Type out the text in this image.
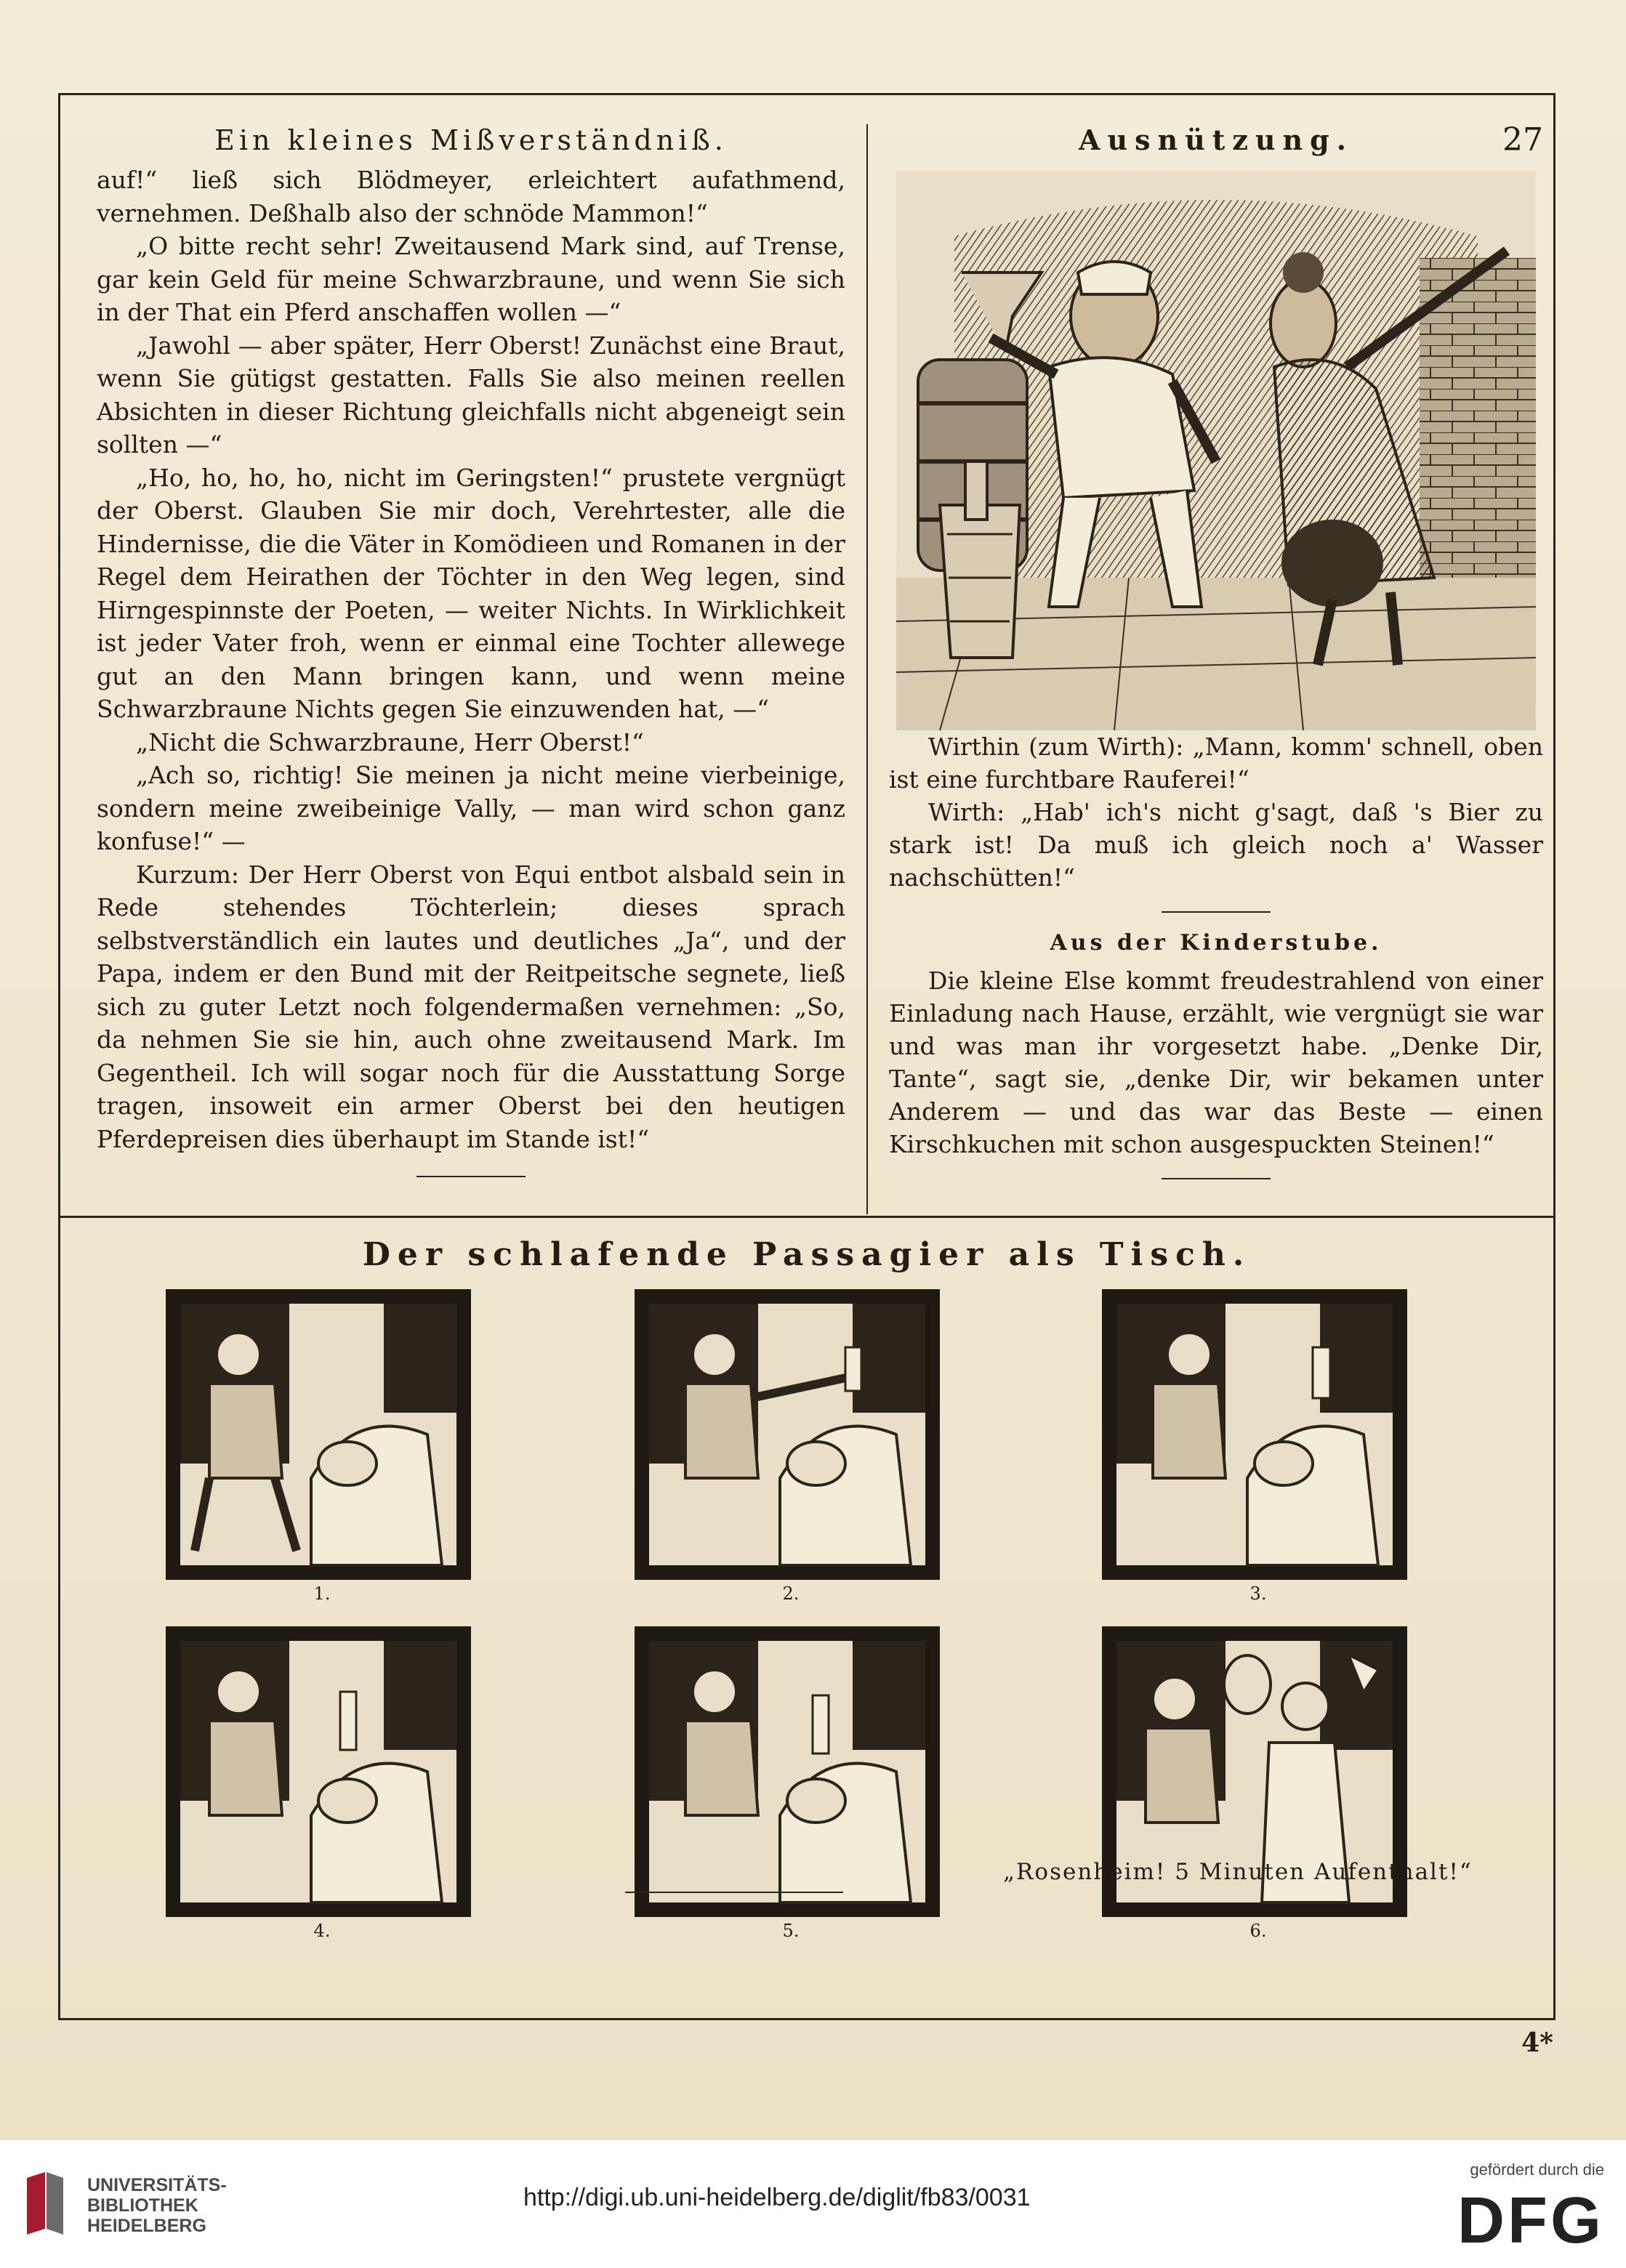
Ein kleines Mißverständniß.

auf!“ ließ sich Blödmeyer, erleichtert aufathmend, vernehmen. Deßhalb also der schnöde Mammon!“

„O bitte recht sehr! Zweitausend Mark sind, auf Trense, gar kein Geld für meine Schwarzbraune, und wenn Sie sich in der That ein Pferd anschaffen wollen —“

„Jawohl — aber später, Herr Oberst! Zunächst eine Braut, wenn Sie gütigst gestatten. Falls Sie also meinen reellen Absichten in dieser Richtung gleichfalls nicht abgeneigt sein sollten —“

„Ho, ho, ho, ho, nicht im Geringsten!“ prustete vergnügt der Oberst. Glauben Sie mir doch, Verehrtester, alle die Hindernisse, die die Väter in Komödieen und Romanen in der Regel dem Heirathen der Töchter in den Weg legen, sind Hirngespinnste der Poeten, — weiter Nichts. In Wirklichkeit ist jeder Vater froh, wenn er einmal eine Tochter allewege gut an den Mann bringen kann, und wenn meine Schwarzbraune Nichts gegen Sie einzuwenden hat, —“

„Nicht die Schwarzbraune, Herr Oberst!“

„Ach so, richtig! Sie meinen ja nicht meine vierbeinige, sondern meine zweibeinige Vally, — man wird schon ganz konfuse!“ —

Kurzum: Der Herr Oberst von Equi entbot alsbald sein in Rede stehendes Töchterlein; dieses sprach selbstverständlich ein lautes und deutliches „Ja“, und der Papa, indem er den Bund mit der Reitpeitsche segnete, ließ sich zu guter Letzt noch folgendermaßen vernehmen: „So, da nehmen Sie sie hin, auch ohne zweitausend Mark. Im Gegentheil. Ich will sogar noch für die Ausstattung Sorge tragen, insoweit ein armer Oberst bei den heutigen Pferdepreisen dies überhaupt im Stande ist!“

Ausnützung.	27

Wirthin (zum Wirth): „Mann, komm' schnell, oben ist eine furchtbare Rauferei!“

Wirth: „Hab' ich's nicht g'sagt, daß 's Bier zu stark ist! Da muß ich gleich noch a' Wasser nachschütten!“

Aus der Kinderstube.

Die kleine Else kommt freudestrahlend von einer Einladung nach Hause, erzählt, wie vergnügt sie war und was man ihr vorgesetzt habe. „Denke Dir, Tante“, sagt sie, „denke Dir, wir bekamen unter Anderem — und das war das Beste — einen Kirschkuchen mit schon ausgespuckten Steinen!“

Der schlafende Passagier als Tisch.
1.	2.	3.
4.	5.	6.
„Rosenheim! 5 Minuten Aufenthalt!“
4*
UNIVERSITÄTS-
BIBLIOTHEK
HEIDELBERG
http://digi.ub.uni-heidelberg.de/diglit/fb83/0031
gefördert durch die
DFG
